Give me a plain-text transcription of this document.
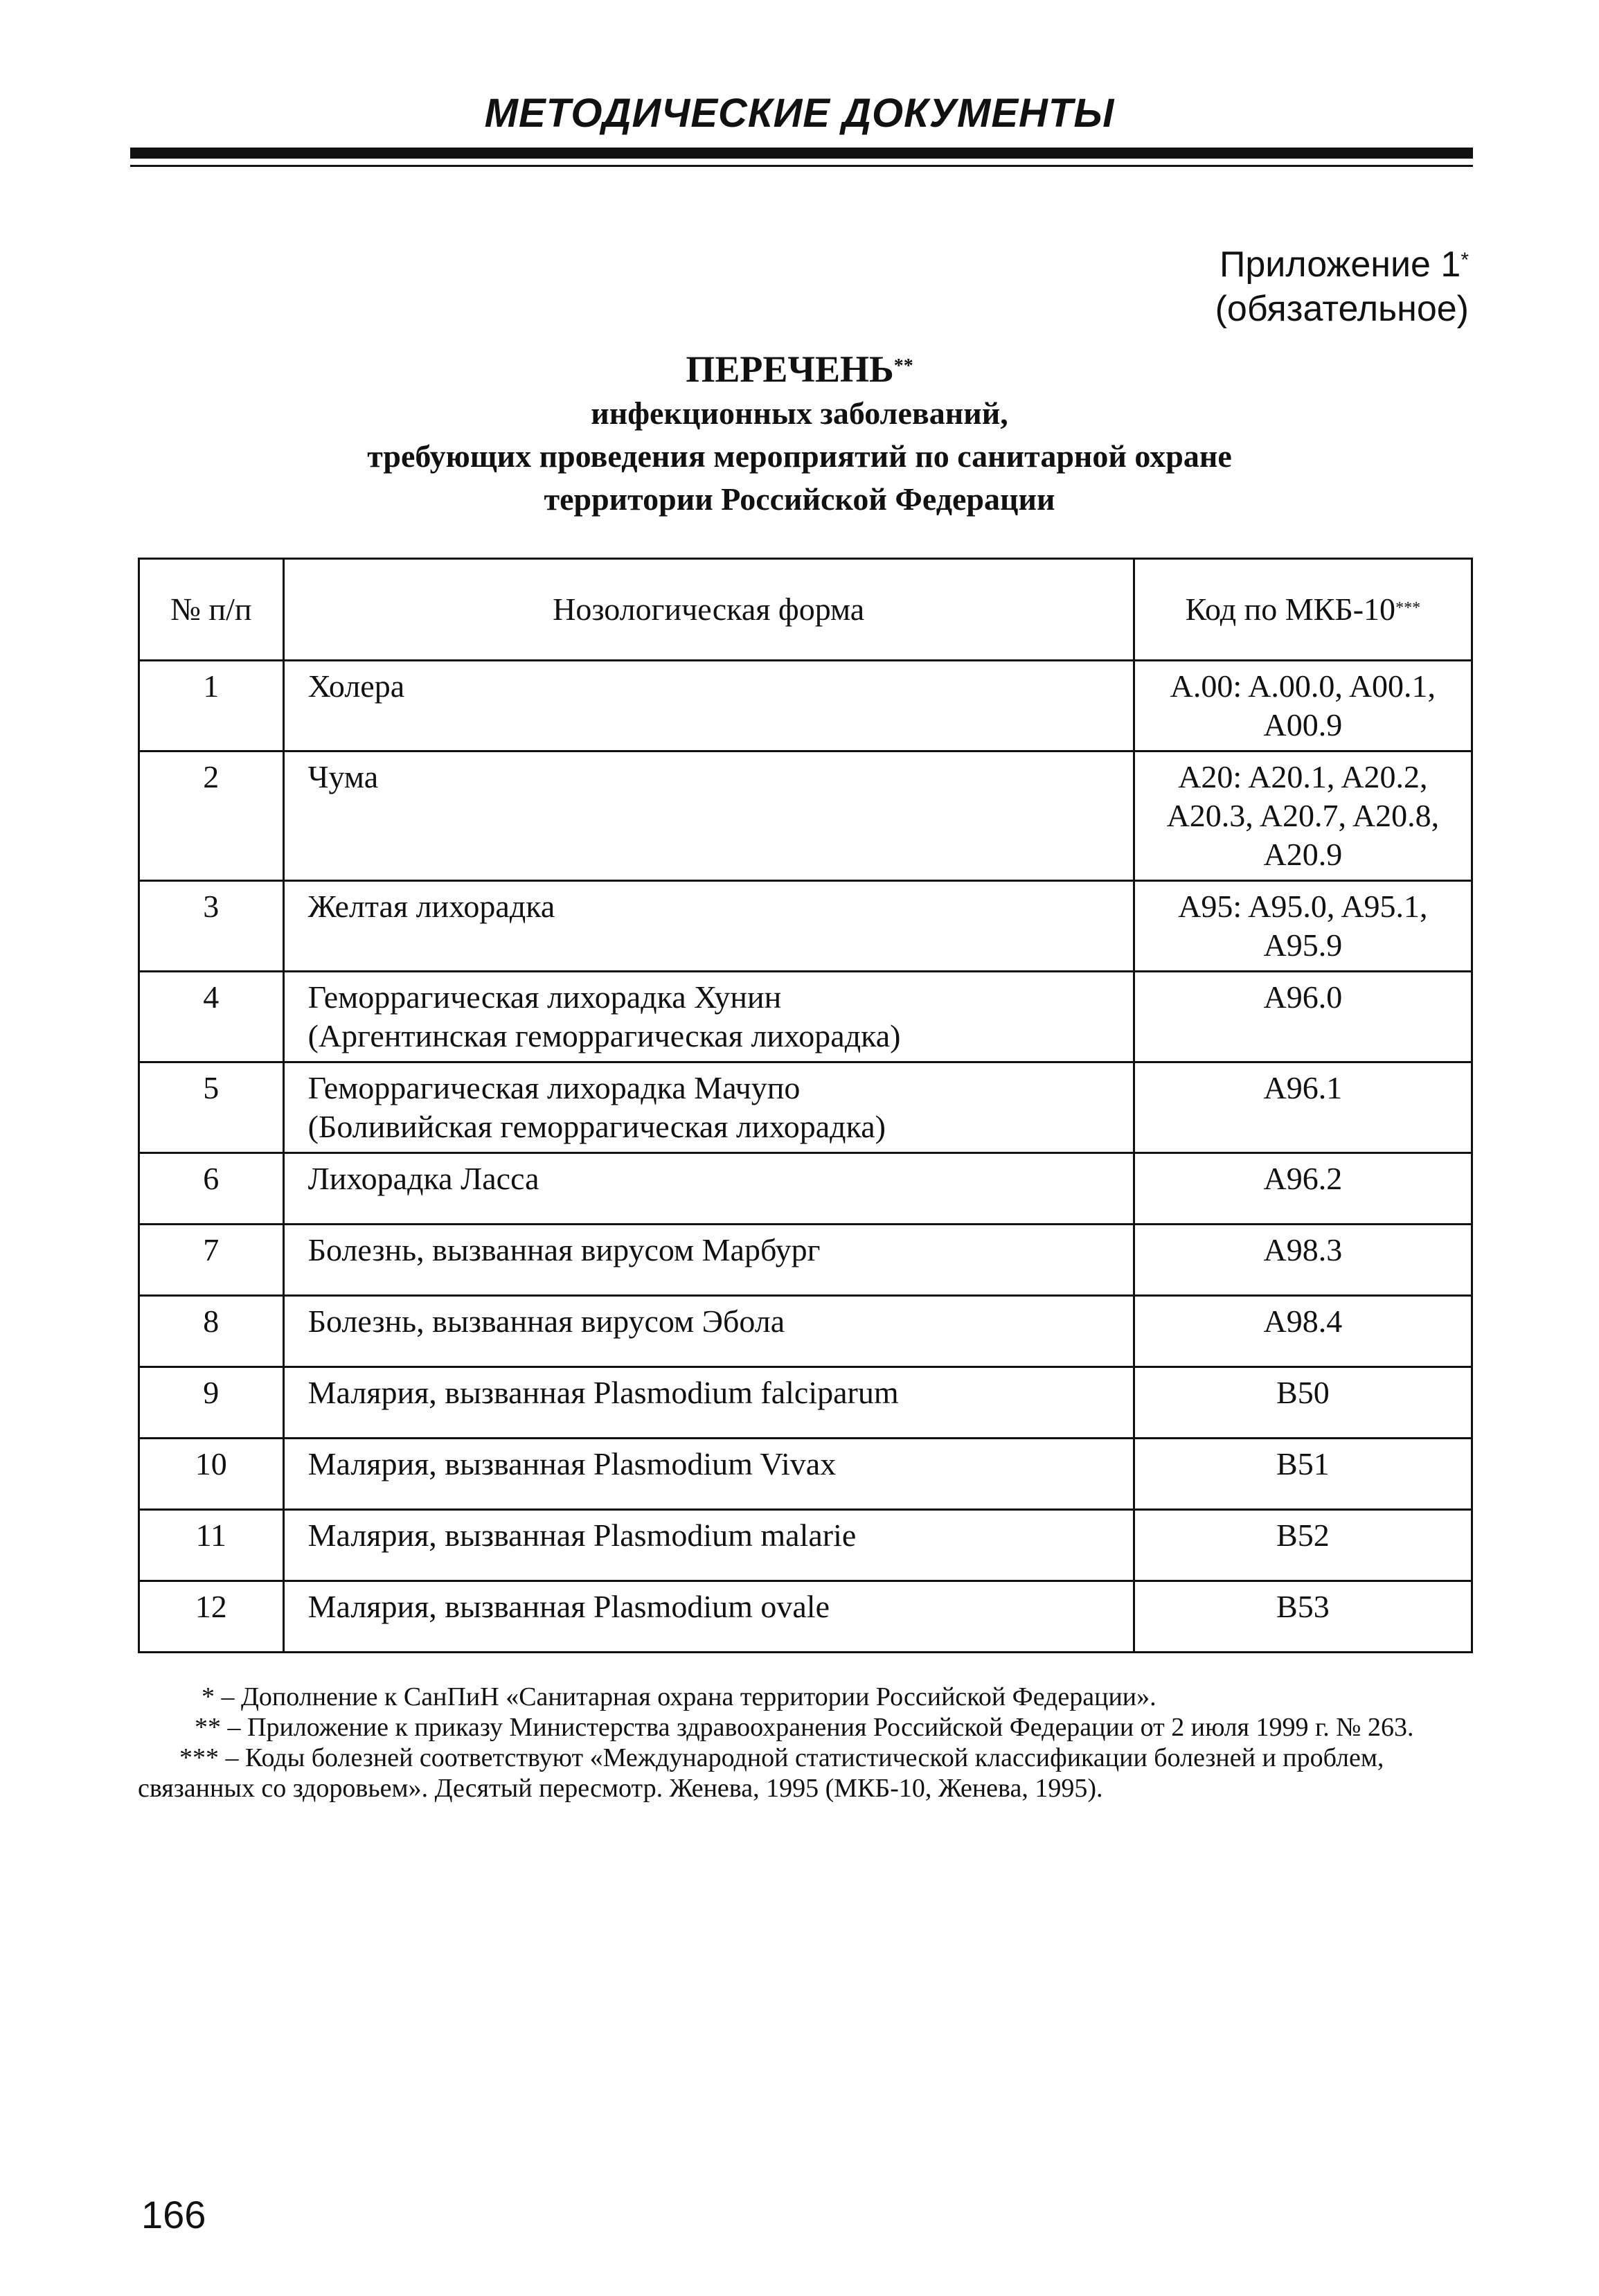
МЕТОДИЧЕСКИЕ ДОКУМЕНТЫ
Приложение 1*
(обязательное)
ПЕРЕЧЕНЬ**
инфекционных заболеваний,
требующих проведения мероприятий по санитарной охране
территории Российской Федерации
№ п/п	Нозологическая форма	Код по МКБ-10***
1	Холера	A.00: A.00.0, A00.1,
A00.9

2	Чума	A20: A20.1, A20.2,
A20.3, A20.7, A20.8,
A20.9

3	Желтая лихорадка	A95: A95.0, A95.1,
A95.9

4	Геморрагическая лихорадка Хунин
(Аргентинская геморрагическая лихорадка)	A96.0

5	Геморрагическая лихорадка Мачупо
(Боливийская геморрагическая лихорадка)	A96.1

6	Лихорадка Ласса	A96.2

7	Болезнь, вызванная вирусом Марбург	A98.3

8	Болезнь, вызванная вирусом Эбола	A98.4

9	Малярия, вызванная Plasmodium falciparum	B50

10	Малярия, вызванная Plasmodium Vivax	B51

11	Малярия, вызванная Plasmodium malarie	B52

12	Малярия, вызванная Plasmodium ovale	B53

* – Дополнение к СанПиН «Санитарная охрана территории Российской Федерации».

** – Приложение к приказу Министерства здравоохранения Российской Федерации от 2 июля 1999 г. № 263.

*** – Коды болезней соответствуют «Международной статистической классификации болезней и проблем, связанных со здоровьем». Десятый пересмотр. Женева, 1995 (МКБ-10, Женева, 1995).

166
